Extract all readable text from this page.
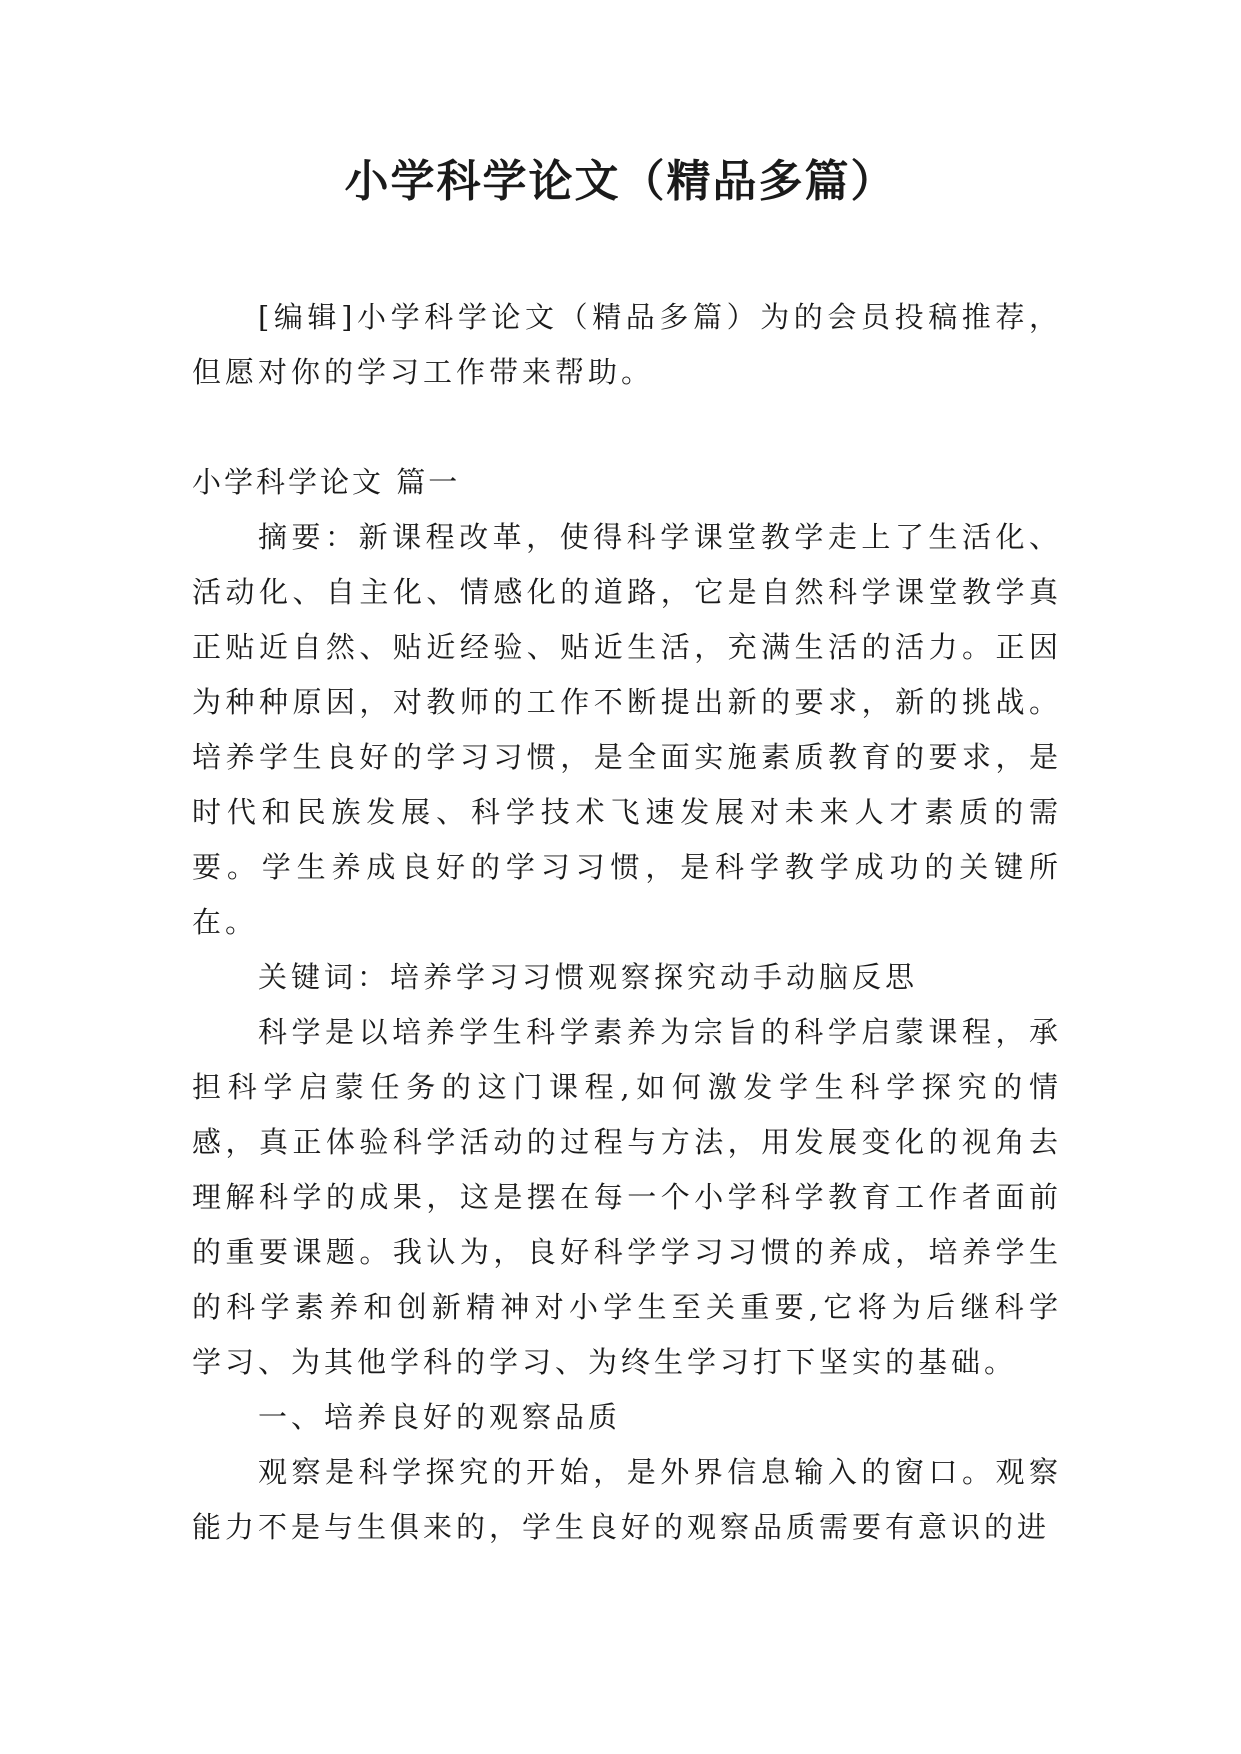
小学科学论文（精品多篇）

[编辑]小学科学论文（精品多篇）为的会员投稿推荐，但愿对你的学习工作带来帮助。

小学科学论文 篇一

摘要：新课程改革，使得科学课堂教学走上了生活化、活动化、自主化、情感化的道路，它是自然科学课堂教学真正贴近自然、贴近经验、贴近生活，充满生活的活力。正因为种种原因，对教师的工作不断提出新的要求，新的挑战。培养学生良好的学习习惯，是全面实施素质教育的要求，是时代和民族发展、科学技术飞速发展对未来人才素质的需要。学生养成良好的学习习惯，是科学教学成功的关键所在。

关键词：培养学习习惯观察探究动手动脑反思

科学是以培养学生科学素养为宗旨的科学启蒙课程，承担科学启蒙任务的这门课程,如何激发学生科学探究的情感，真正体验科学活动的过程与方法，用发展变化的视角去理解科学的成果，这是摆在每一个小学科学教育工作者面前的重要课题。我认为，良好科学学习习惯的养成，培养学生的科学素养和创新精神对小学生至关重要,它将为后继科学学习、为其他学科的学习、为终生学习打下坚实的基础。

一、培养良好的观察品质

观察是科学探究的开始，是外界信息输入的窗口。观察能力不是与生俱来的，学生良好的观察品质需要有意识的进
